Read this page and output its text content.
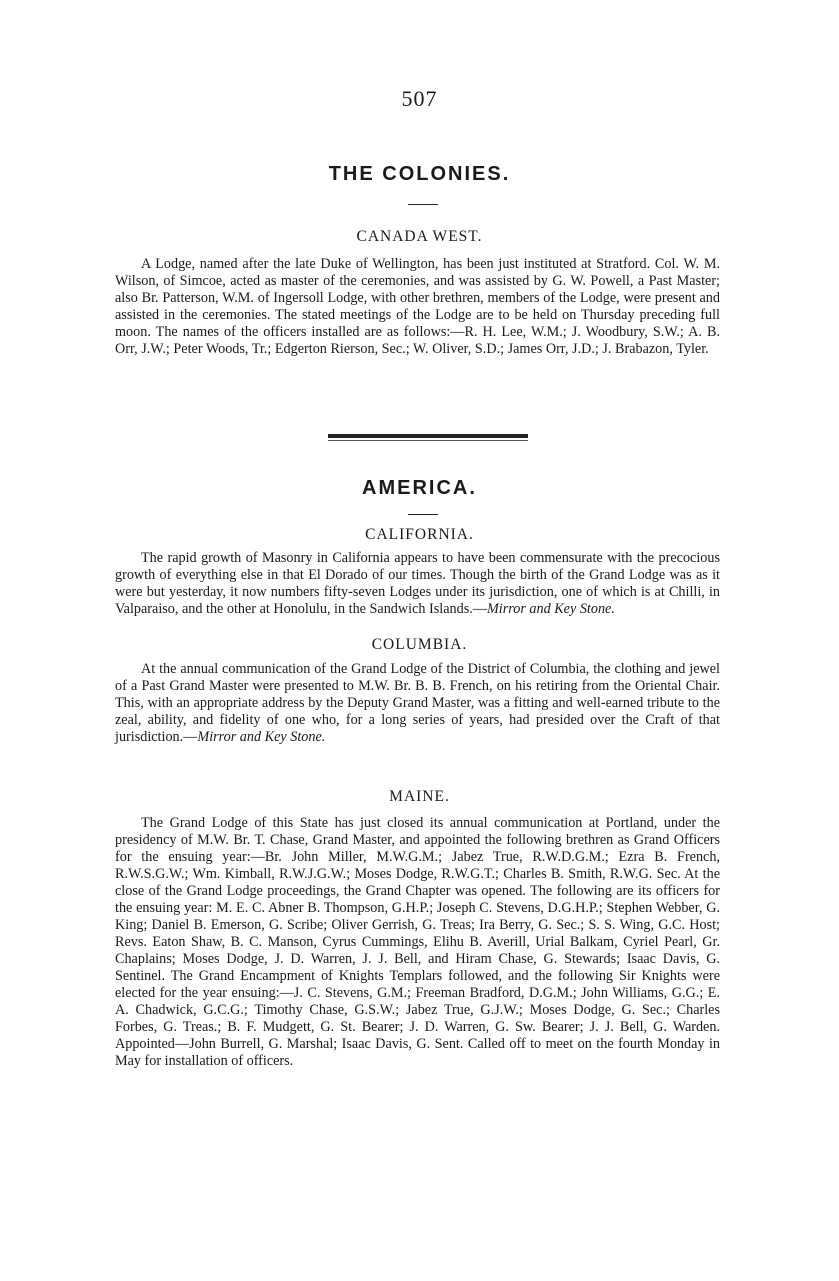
507
THE COLONIES.
CANADA WEST.

A Lodge, named after the late Duke of Wellington, has been just instituted at Stratford. Col. W. M. Wilson, of Simcoe, acted as master of the ceremonies, and was assisted by G. W. Powell, a Past Master; also Br. Patterson, W.M. of Ingersoll Lodge, with other brethren, members of the Lodge, were present and assisted in the ceremonies. The stated meetings of the Lodge are to be held on Thursday preceding full moon. The names of the officers installed are as follows:—R. H. Lee, W.M.; J. Woodbury, S.W.; A. B. Orr, J.W.; Peter Woods, Tr.; Edgerton Rierson, Sec.; W. Oliver, S.D.; James Orr, J.D.; J. Brabazon, Tyler.

AMERICA.
CALIFORNIA.

The rapid growth of Masonry in California appears to have been commensurate with the precocious growth of everything else in that El Dorado of our times. Though the birth of the Grand Lodge was as it were but yesterday, it now numbers fifty-seven Lodges under its jurisdiction, one of which is at Chilli, in Valparaiso, and the other at Honolulu, in the Sandwich Islands.—Mirror and Key Stone.

COLUMBIA.

At the annual communication of the Grand Lodge of the District of Columbia, the clothing and jewel of a Past Grand Master were presented to M.W. Br. B. B. French, on his retiring from the Oriental Chair. This, with an appropriate address by the Deputy Grand Master, was a fitting and well-earned tribute to the zeal, ability, and fidelity of one who, for a long series of years, had presided over the Craft of that jurisdiction.—Mirror and Key Stone.

MAINE.

The Grand Lodge of this State has just closed its annual communication at Portland, under the presidency of M.W. Br. T. Chase, Grand Master, and appointed the following brethren as Grand Officers for the ensuing year:—Br. John Miller, M.W.G.M.; Jabez True, R.W.D.G.M.; Ezra B. French, R.W.S.G.W.; Wm. Kimball, R.W.J.G.W.; Moses Dodge, R.W.G.T.; Charles B. Smith, R.W.G. Sec. At the close of the Grand Lodge proceedings, the Grand Chapter was opened. The following are its officers for the ensuing year: M. E. C. Abner B. Thompson, G.H.P.; Joseph C. Stevens, D.G.H.P.; Stephen Webber, G. King; Daniel B. Emerson, G. Scribe; Oliver Gerrish, G. Treas; Ira Berry, G. Sec.; S. S. Wing, G.C. Host; Revs. Eaton Shaw, B. C. Manson, Cyrus Cummings, Elihu B. Averill, Urial Balkam, Cyriel Pearl, Gr. Chaplains; Moses Dodge, J. D. Warren, J. J. Bell, and Hiram Chase, G. Stewards; Isaac Davis, G. Sentinel. The Grand Encampment of Knights Templars followed, and the following Sir Knights were elected for the year ensuing:—J. C. Stevens, G.M.; Freeman Bradford, D.G.M.; John Williams, G.G.; E. A. Chadwick, G.C.G.; Timothy Chase, G.S.W.; Jabez True, G.J.W.; Moses Dodge, G. Sec.; Charles Forbes, G. Treas.; B. F. Mudgett, G. St. Bearer; J. D. Warren, G. Sw. Bearer; J. J. Bell, G. Warden. Appointed—John Burrell, G. Marshal; Isaac Davis, G. Sent. Called off to meet on the fourth Monday in May for installation of officers.
